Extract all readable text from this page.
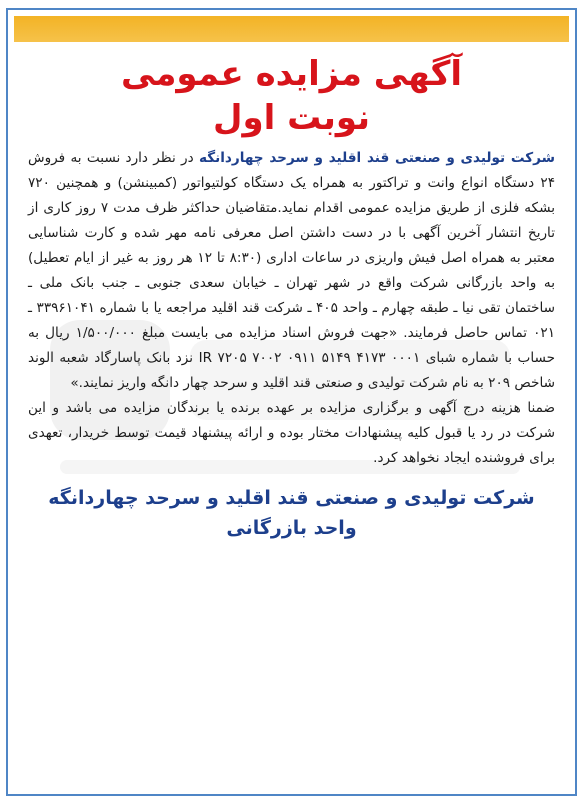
آگهی مزایده عمومی

نوبت اول

شرکت تولیدی و صنعتی قند اقلید و سرحد چهاردانگه در نظر دارد نسبت به فروش ۲۴ دستگاه انواع وانت و تراکتور به همراه یک دستگاه کولتیواتور (کمبینشن) و همچنین ۷۲۰ بشکه فلزی از طریق مزایده عمومی اقدام نماید.متقاضیان حداکثر ظرف مدت ۷ روز کاری از تاریخ انتشار آخرین آگهی با در دست داشتن اصل معرفی نامه مهر شده و کارت شناسایی معتبر به همراه اصل فیش واریزی در ساعات اداری (۸:۳۰ تا ۱۲ هر روز به غیر از ایام تعطیل) به واحد بازرگانی شرکت واقع در شهر تهران ـ خیابان سعدی جنوبی ـ جنب بانک ملی ـ ساختمان تقی نیا ـ طبقه چهارم ـ واحد ۴۰۵ ـ شرکت قند اقلید مراجعه یا با شماره ۳۳۹۶۱۰۴۱ ـ ۰۲۱ تماس حاصل فرمایند. «جهت فروش اسناد مزایده می بایست مبلغ ۱/۵۰۰/۰۰۰ ریال به حساب با شماره شبای IR ۷۲۰۵ ۷۰۰۲ ۰۹۱۱ ۵۱۴۹ ۴۱۷۳ ۰۰۰۱ نزد بانک پاسارگاد شعبه الوند شاخص ۲۰۹ به نام شرکت تولیدی و صنعتی قند اقلید و سرحد چهار دانگه واریز نمایند.»

ضمنا هزینه درج آگهی و برگزاری مزایده بر عهده برنده یا برندگان مزایده می باشد و این شرکت در رد یا قبول کلیه پیشنهادات مختار بوده و ارائه پیشنهاد قیمت توسط خریدار، تعهدی برای فروشنده ایجاد نخواهد کرد.

شرکت تولیدی و صنعتی قند اقلید و سرحد چهاردانگه

واحد بازرگانی
